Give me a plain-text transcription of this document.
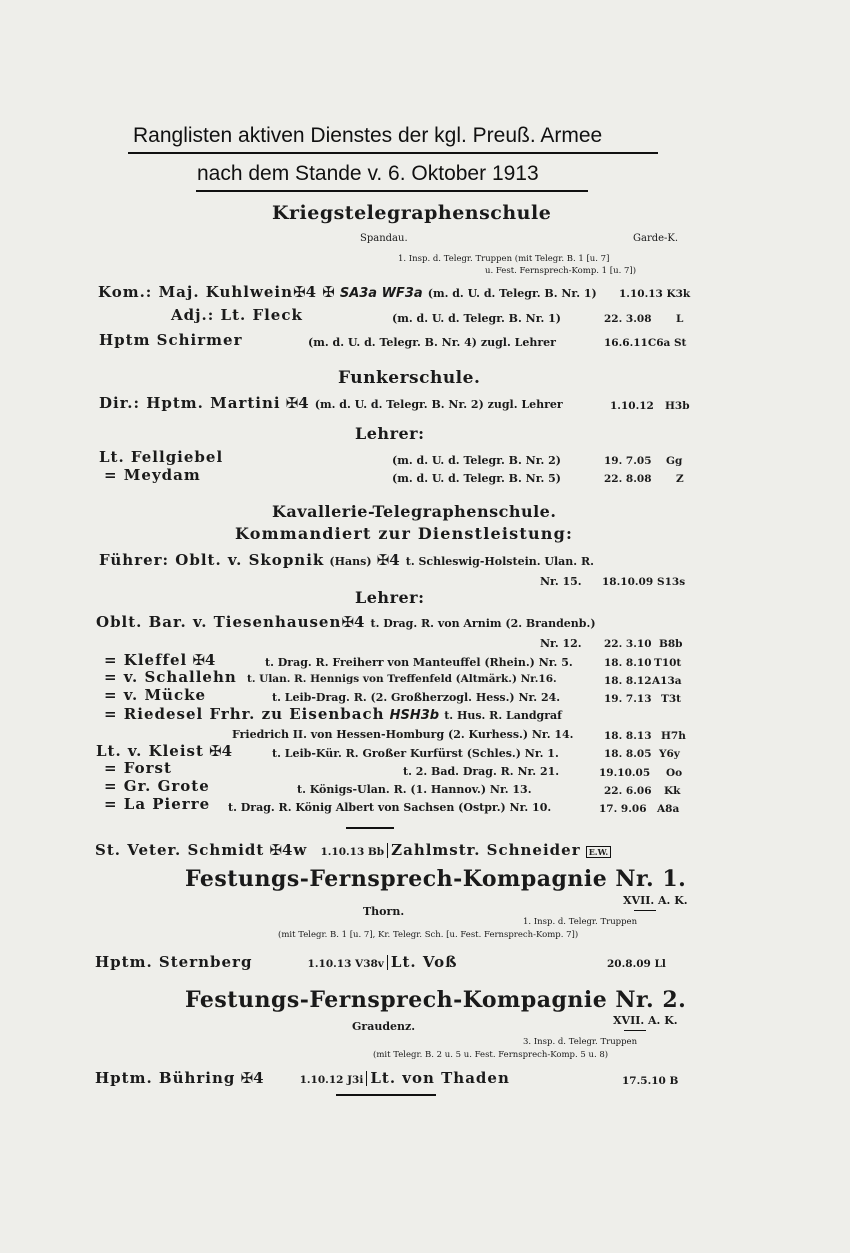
Ranglisten aktiven Dienstes der kgl. Preuß. Armee
nach dem Stande v. 6. Oktober 1913
Kriegstelegraphenschule
Spandau.	Garde-K.
1. Insp. d. Telegr. Truppen (mit Telegr. B. 1 [u. 7]
u. Fest. Fernsprech-Komp. 1 [u. 7])
Kom.: Maj. Kuhlwein✠4 ✠ SA3a WF3a (m. d. U. d. Telegr. B. Nr. 1) 1.10.13 K3k
Adj.: Lt. Fleck	(m. d. U. d. Telegr. B. Nr. 1)	22. 3.08 L
Hptm Schirmer	(m. d. U. d. Telegr. B. Nr. 4) zugl. Lehrer	16.6.11C6a St
Funkerschule.
Dir.: Hptm. Martini ✠4 (m. d. U. d. Telegr. B. Nr. 2) zugl. Lehrer	1.10.12 H3b
Lehrer:
Lt. Fellgiebel	(m. d. U. d. Telegr. B. Nr. 2)	19. 7.05 Gg
= Meydam	(m. d. U. d. Telegr. B. Nr. 5)	22. 8.08 Z
Kavallerie-Telegraphenschule.
Kommandiert zur Dienstleistung:
Führer: Oblt. v. Skopnik (Hans) ✠4 t. Schleswig-Holstein. Ulan. R.
Nr. 15. 18.10.09 S13s
Lehrer:
Oblt. Bar. v. Tiesenhausen✠4 t. Drag. R. von Arnim (2. Brandenb.)
Nr. 12. 22. 3.10 B8b
= Kleffel ✠4	t. Drag. R. Freiherr von Manteuffel (Rhein.) Nr. 5.	18. 8.10 T10t
= v. Schallehn t. Ulan. R. Hennigs von Treffenfeld (Altmärk.) Nr.16.	18. 8.12 A13a
= v. Mücke	t. Leib-Drag. R. (2. Großherzogl. Hess.) Nr. 24.	19. 7.13 T3t
= Riedesel Frhr. zu Eisenbach HSH3b t. Hus. R. Landgraf
Friedrich II. von Hessen-Homburg (2. Kurhess.) Nr. 14.	18. 8.13 H7h
Lt. v. Kleist ✠4	t. Leib-Kür. R. Großer Kurfürst (Schles.) Nr. 1.	18. 8.05 Y6y
= Forst	t. 2. Bad. Drag. R. Nr. 21.	19.10.05 Oo
= Gr. Grote	t. Königs-Ulan. R. (1. Hannov.) Nr. 13.	22. 6.06 Kk
= La Pierre t. Drag. R. König Albert von Sachsen (Ostpr.) Nr. 10.	17. 9.06 A8a
St. Veter. Schmidt ✠4w 1.10.13 Bb Zahlmstr. Schneider E.W.
Festungs-Fernsprech-Kompagnie Nr. 1.
XVII. A. K.
Thorn.
1. Insp. d. Telegr. Truppen
(mit Telegr. B. 1 [u. 7], Kr. Telegr. Sch. [u. Fest. Fernsprech-Komp. 7])
Hptm. Sternberg	1.10.13 V38v Lt. Voß	20.8.09 Ll
Festungs-Fernsprech-Kompagnie Nr. 2.
XVII. A. K.
Graudenz.
3. Insp. d. Telegr. Truppen
(mit Telegr. B. 2 u. 5 u. Fest. Fernsprech-Komp. 5 u. 8)
Hptm. Bühring ✠4	1.10.12 J3i Lt. von Thaden	17.5.10 B
